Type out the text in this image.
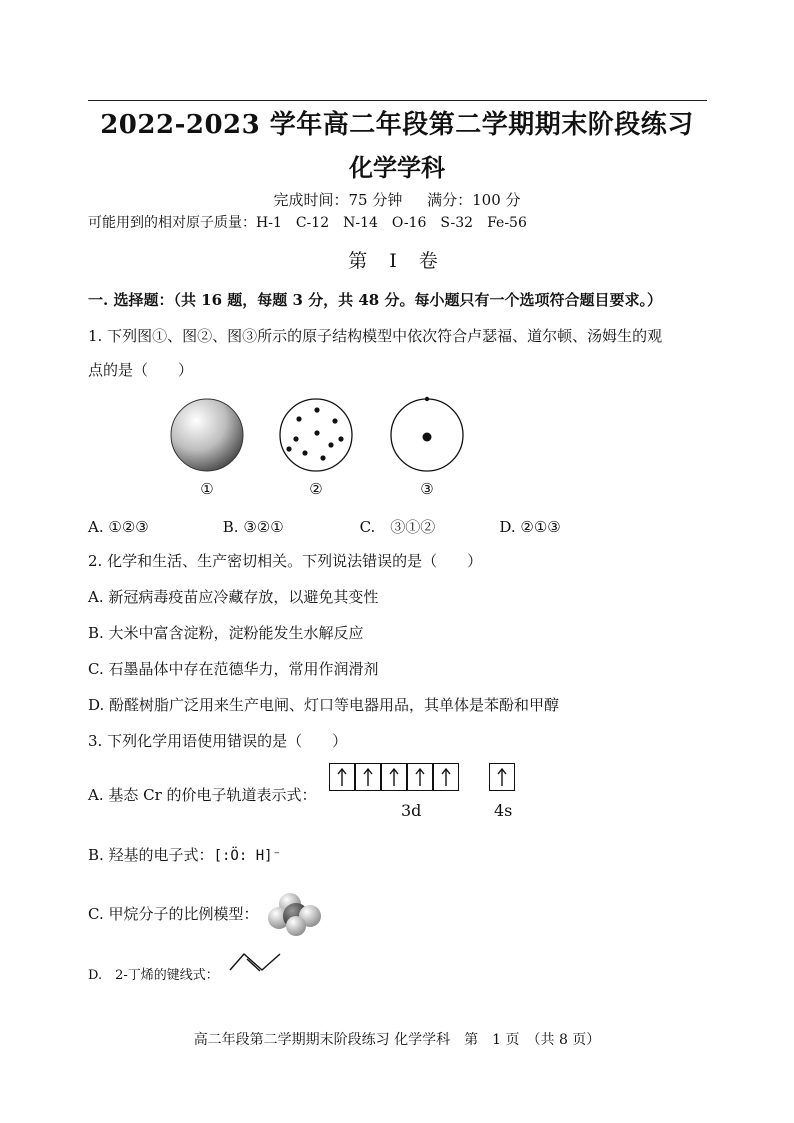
2022-2023 学年高二年段第二学期期末阶段练习
化学学科
完成时间：75 分钟 满分：100 分
可能用到的相对原子质量：H-1　C-12　N-14　O-16　S-32　Fe-56
第 Ⅰ 卷
一. 选择题：（共 16 题，每题 3 分，共 48 分。每小题只有一个选项符合题目要求。）
1. 下列图①、图②、图③所示的原子结构模型中依次符合卢瑟福、道尔顿、汤姆生的观
点的是（　　）
①	②	③
A. ①②③	B. ③②①	C.　③①②	D. ②①③
2. 化学和生活、生产密切相关。下列说法错误的是（　　）
A. 新冠病毒疫苗应冷藏存放，以避免其变性
B. 大米中富含淀粉，淀粉能发生水解反应
C. 石墨晶体中存在范德华力，常用作润滑剂
D. 酚醛树脂广泛用来生产电闸、灯口等电器用品，其单体是苯酚和甲醇
3. 下列化学用语使用错误的是（　　）
A. 基态 Cr 的价电子轨道表示式：
3d	4s
B. 羟基的电子式：[:Ö: H]⁻
C. 甲烷分子的比例模型：
D.　2-丁烯的键线式：
高二年段第二学期期末阶段练习 化学学科　第　1 页　（共 8 页）
